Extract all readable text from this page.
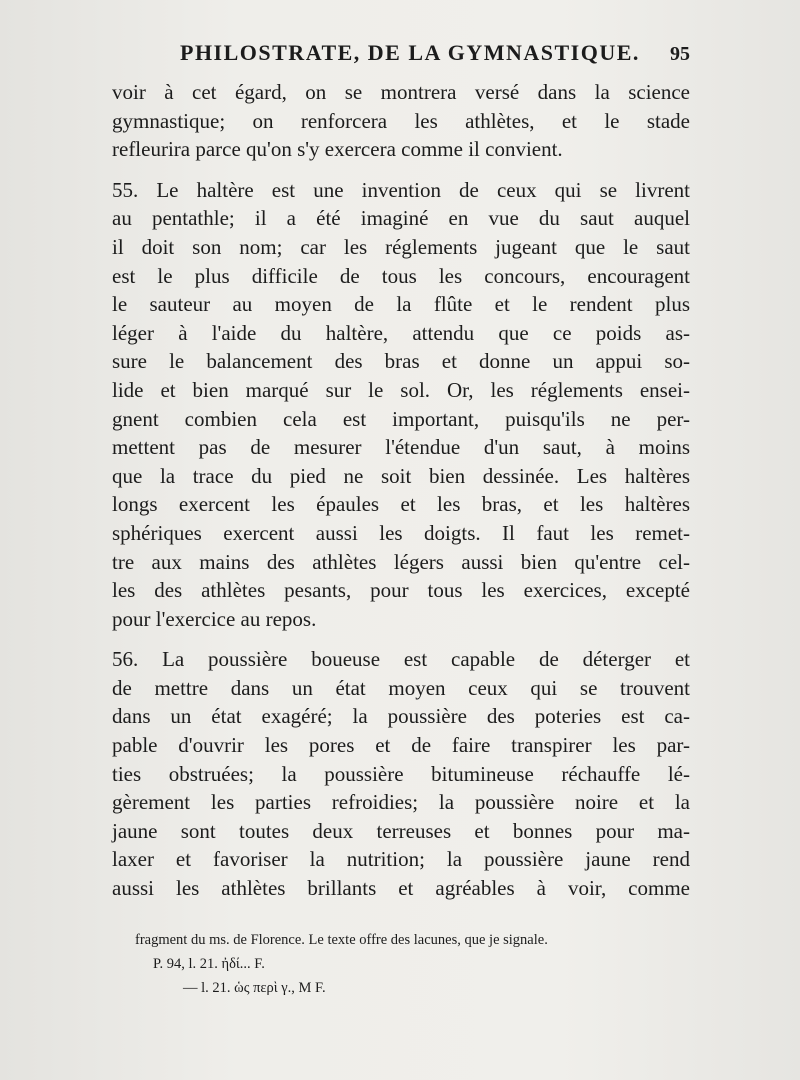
PHILOSTRATE, DE LA GYMNASTIQUE. 95
voir à cet égard, on se montrera versé dans la science
gymnastique; on renforcera les athlètes, et le stade
refleurira parce qu'on s'y exercera comme il convient.
55. Le haltère est une invention de ceux qui se livrent
au pentathle; il a été imaginé en vue du saut auquel
il doit son nom; car les réglements jugeant que le saut
est le plus difficile de tous les concours, encouragent
le sauteur au moyen de la flûte et le rendent plus
léger à l'aide du haltère, attendu que ce poids as-
sure le balancement des bras et donne un appui so-
lide et bien marqué sur le sol. Or, les réglements ensei-
gnent combien cela est important, puisqu'ils ne per-
mettent pas de mesurer l'étendue d'un saut, à moins
que la trace du pied ne soit bien dessinée. Les haltères
longs exercent les épaules et les bras, et les haltères
sphériques exercent aussi les doigts. Il faut les remet-
tre aux mains des athlètes légers aussi bien qu'entre cel-
les des athlètes pesants, pour tous les exercices, excepté
pour l'exercice au repos.
56. La poussière boueuse est capable de déterger et
de mettre dans un état moyen ceux qui se trouvent
dans un état exagéré; la poussière des poteries est ca-
pable d'ouvrir les pores et de faire transpirer les par-
ties obstruées; la poussière bitumineuse réchauffe lé-
gèrement les parties refroidies; la poussière noire et la
jaune sont toutes deux terreuses et bonnes pour ma-
laxer et favoriser la nutrition; la poussière jaune rend
aussi les athlètes brillants et agréables à voir, comme
fragment du ms. de Florence. Le texte offre des lacunes, que je signale.
P. 94, l. 21. ἠδί... F.
— l. 21. ὡς περὶ γ., M F.
